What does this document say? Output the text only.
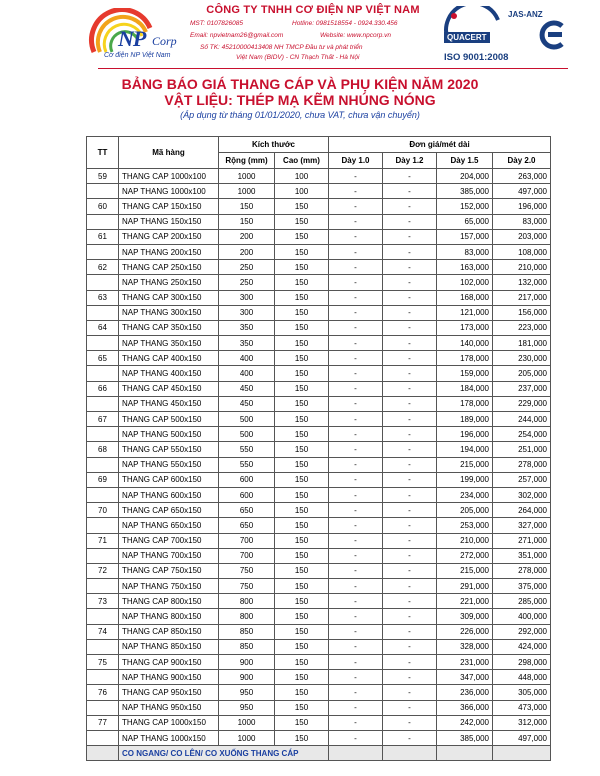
NP Corp
Cơ điện NP Việt Nam
CÔNG TY TNHH CƠ ĐIỆN NP VIỆT NAM
MST: 0107826085	Hotline: 0981518554 - 0924.330.456
Email: npvietnam26@gmail.com	Website: www.npcorp.vn
Số TK: 45210000413408 NH TMCP Đầu tư và phát triển
Việt Nam (BIDV) - CN Thạch Thất - Hà Nội
JAS-ANZ
QUACERT
ISO 9001:2008
BẢNG BÁO GIÁ THANG CÁP VÀ PHỤ KIỆN NĂM 2020
VẬT LIỆU: THÉP MẠ KẼM NHÚNG NÓNG
(Áp dụng từ tháng 01/01/2020, chưa VAT, chưa vận chuyển)
TT	Mã hàng	Kích thước		Đơn giá/mét dài			
		Rộng (mm)	Cao (mm)	Dày 1.0	Dày 1.2	Dày 1.5	Dày 2.0
59	THANG CAP 1000x100	1000	100	-	-	204,000	263,000
	NAP THANG 1000x100	1000	100	-	-	385,000	497,000
60	THANG CAP 150x150	150	150	-	-	152,000	196,000
	NAP THANG 150x150	150	150	-	-	65,000	83,000
61	THANG CAP 200x150	200	150	-	-	157,000	203,000
	NAP THANG 200x150	200	150	-	-	83,000	108,000
62	THANG CAP 250x150	250	150	-	-	163,000	210,000
	NAP THANG 250x150	250	150	-	-	102,000	132,000
63	THANG CAP 300x150	300	150	-	-	168,000	217,000
	NAP THANG 300x150	300	150	-	-	121,000	156,000
64	THANG CAP 350x150	350	150	-	-	173,000	223,000
	NAP THANG 350x150	350	150	-	-	140,000	181,000
65	THANG CAP 400x150	400	150	-	-	178,000	230,000
	NAP THANG 400x150	400	150	-	-	159,000	205,000
66	THANG CAP 450x150	450	150	-	-	184,000	237,000
	NAP THANG 450x150	450	150	-	-	178,000	229,000
67	THANG CAP 500x150	500	150	-	-	189,000	244,000
	NAP THANG 500x150	500	150	-	-	196,000	254,000
68	THANG CAP 550x150	550	150	-	-	194,000	251,000
	NAP THANG 550x150	550	150	-	-	215,000	278,000
69	THANG CAP 600x150	600	150	-	-	199,000	257,000
	NAP THANG 600x150	600	150	-	-	234,000	302,000
70	THANG CAP 650x150	650	150	-	-	205,000	264,000
	NAP THANG 650x150	650	150	-	-	253,000	327,000
71	THANG CAP 700x150	700	150	-	-	210,000	271,000
	NAP THANG 700x150	700	150	-	-	272,000	351,000
72	THANG CAP 750x150	750	150	-	-	215,000	278,000
	NAP THANG 750x150	750	150	-	-	291,000	375,000
73	THANG CAP 800x150	800	150	-	-	221,000	285,000
	NAP THANG 800x150	800	150	-	-	309,000	400,000
74	THANG CAP 850x150	850	150	-	-	226,000	292,000
	NAP THANG 850x150	850	150	-	-	328,000	424,000
75	THANG CAP 900x150	900	150	-	-	231,000	298,000
	NAP THANG 900x150	900	150	-	-	347,000	448,000
76	THANG CAP 950x150	950	150	-	-	236,000	305,000
	NAP THANG 950x150	950	150	-	-	366,000	473,000
77	THANG CAP 1000x150	1000	150	-	-	242,000	312,000
	NAP THANG 1000x150	1000	150	-	-	385,000	497,000
	CO NGANG/ CO LÊN/ CO XUỐNG THANG CÁP						
